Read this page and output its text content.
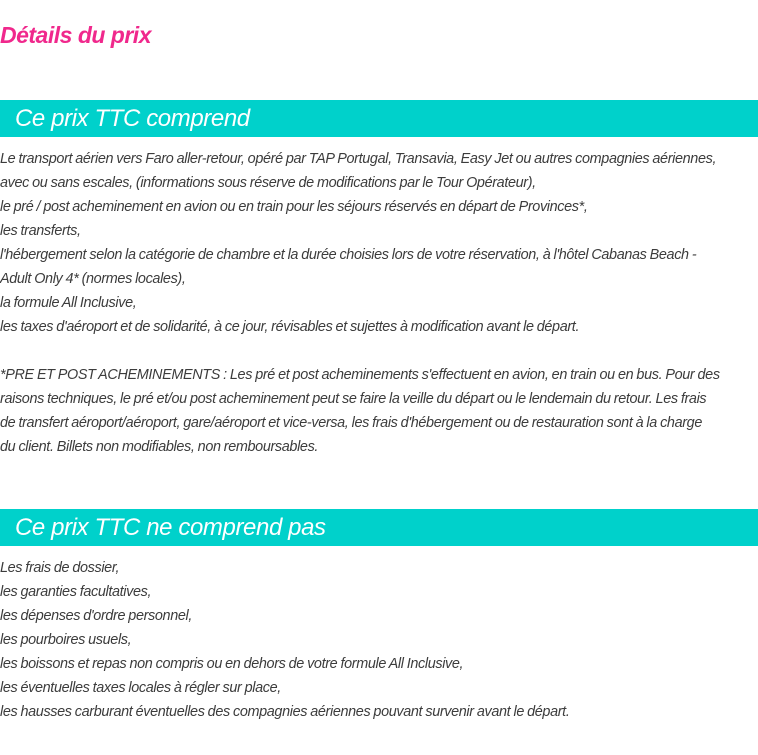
Détails du prix
Ce prix TTC comprend
Le transport aérien vers Faro aller-retour, opéré par TAP Portugal, Transavia, Easy Jet ou autres compagnies aériennes,
avec ou sans escales, (informations sous réserve de modifications par le Tour Opérateur),
le pré / post acheminement en avion ou en train pour les séjours réservés en départ de Provinces*,
les transferts,
l'hébergement selon la catégorie de chambre et la durée choisies lors de votre réservation, à l'hôtel Cabanas Beach -
Adult Only 4* (normes locales),
la formule All Inclusive,
les taxes d'aéroport et de solidarité, à ce jour, révisables et sujettes à modification avant le départ.
*PRE ET POST ACHEMINEMENTS : Les pré et post acheminements s'effectuent en avion, en train ou en bus. Pour des
raisons techniques, le pré et/ou post acheminement peut se faire la veille du départ ou le lendemain du retour. Les frais
de transfert aéroport/aéroport, gare/aéroport et vice-versa, les frais d'hébergement ou de restauration sont à la charge
du client. Billets non modifiables, non remboursables.
Ce prix TTC ne comprend pas
Les frais de dossier,
les garanties facultatives,
les dépenses d'ordre personnel,
les pourboires usuels,
les boissons et repas non compris ou en dehors de votre formule All Inclusive,
les éventuelles taxes locales à régler sur place,
les hausses carburant éventuelles des compagnies aériennes pouvant survenir avant le départ.
